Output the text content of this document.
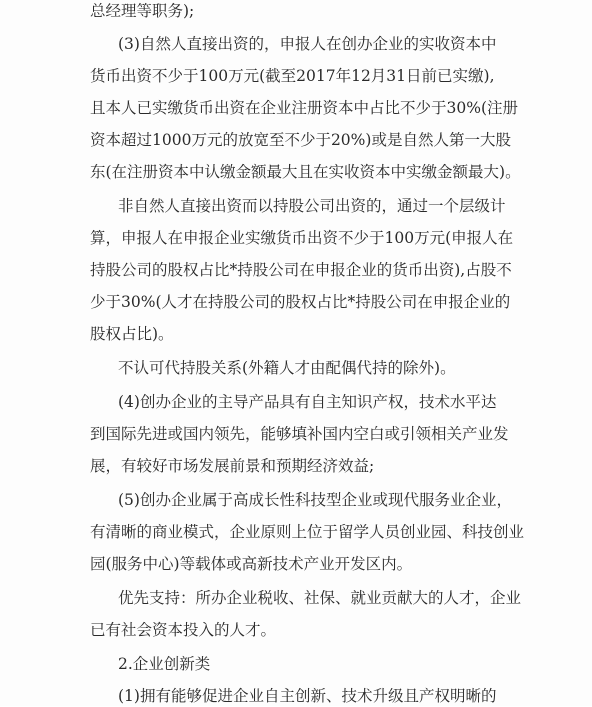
总经理等职务);
(3)自然人直接出资的，申报人在创办企业的实收资本中
货币出资不少于100万元(截至2017年12月31日前已实缴),
且本人已实缴货币出资在企业注册资本中占比不少于30%(注册
资本超过1000万元的放宽至不少于20%)或是自然人第一大股
东(在注册资本中认缴金额最大且在实收资本中实缴金额最大)。
非自然人直接出资而以持股公司出资的，通过一个层级计
算，申报人在申报企业实缴货币出资不少于100万元(申报人在
持股公司的股权占比*持股公司在申报企业的货币出资),占股不
少于30%(人才在持股公司的股权占比*持股公司在申报企业的
股权占比)。
不认可代持股关系(外籍人才由配偶代持的除外)。
(4)创办企业的主导产品具有自主知识产权，技术水平达
到国际先进或国内领先，能够填补国内空白或引领相关产业发
展，有较好市场发展前景和预期经济效益;
(5)创办企业属于高成长性科技型企业或现代服务业企业，
有清晰的商业模式，企业原则上位于留学人员创业园、科技创业
园(服务中心)等载体或高新技术产业开发区内。
优先支持：所办企业税收、社保、就业贡献大的人才，企业
已有社会资本投入的人才。
2.企业创新类
(1)拥有能够促进企业自主创新、技术升级且产权明晰的
